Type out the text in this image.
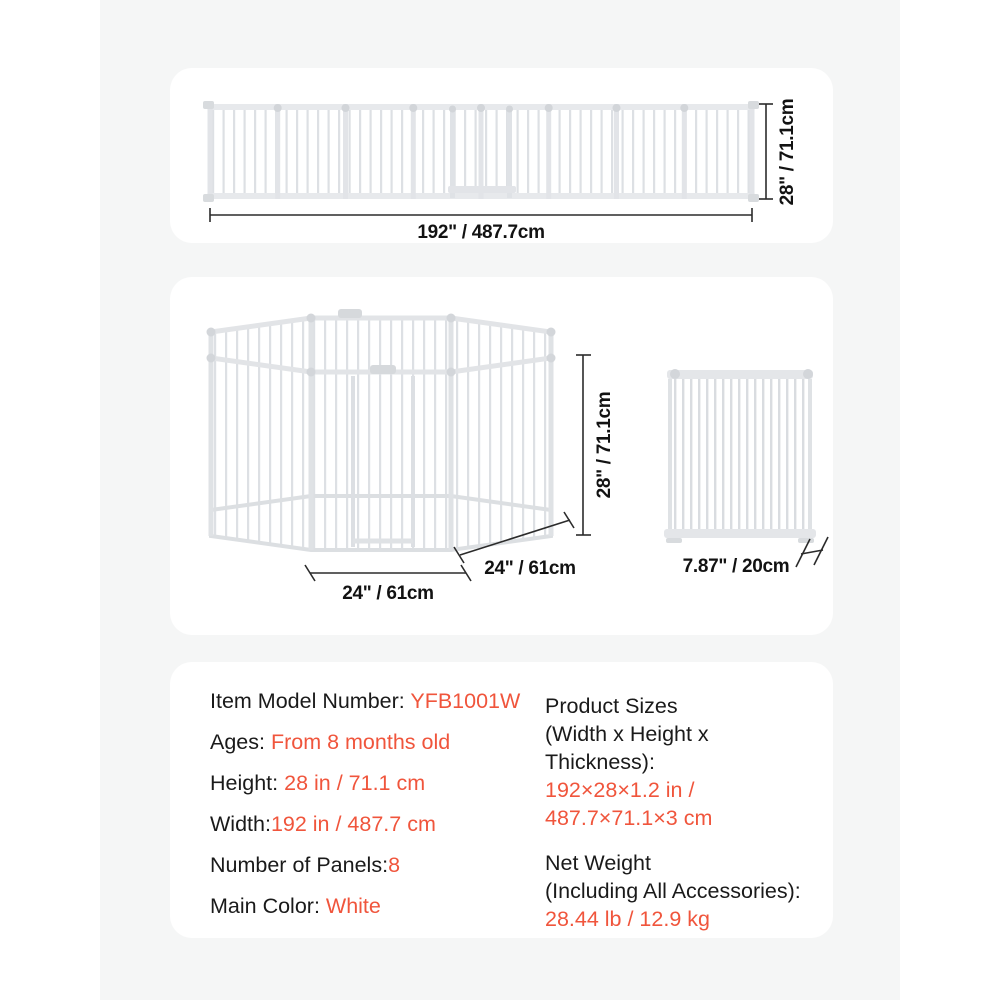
192" / 487.7cm
28" / 71.1cm
28" / 71.1cm
24" / 61cm
24" / 61cm	7.87" / 20cm
Item Model Number: YFB1001W
Ages: From 8 months old
Height: 28 in / 71.1 cm
Width:192 in / 487.7 cm
Number of Panels:8
Main Color: White
Product Sizes
(Width x Height x Thickness):
192×28×1.2 in /
487.7×71.1×3 cm
Net Weight
(Including All Accessories):
28.44 lb / 12.9 kg
